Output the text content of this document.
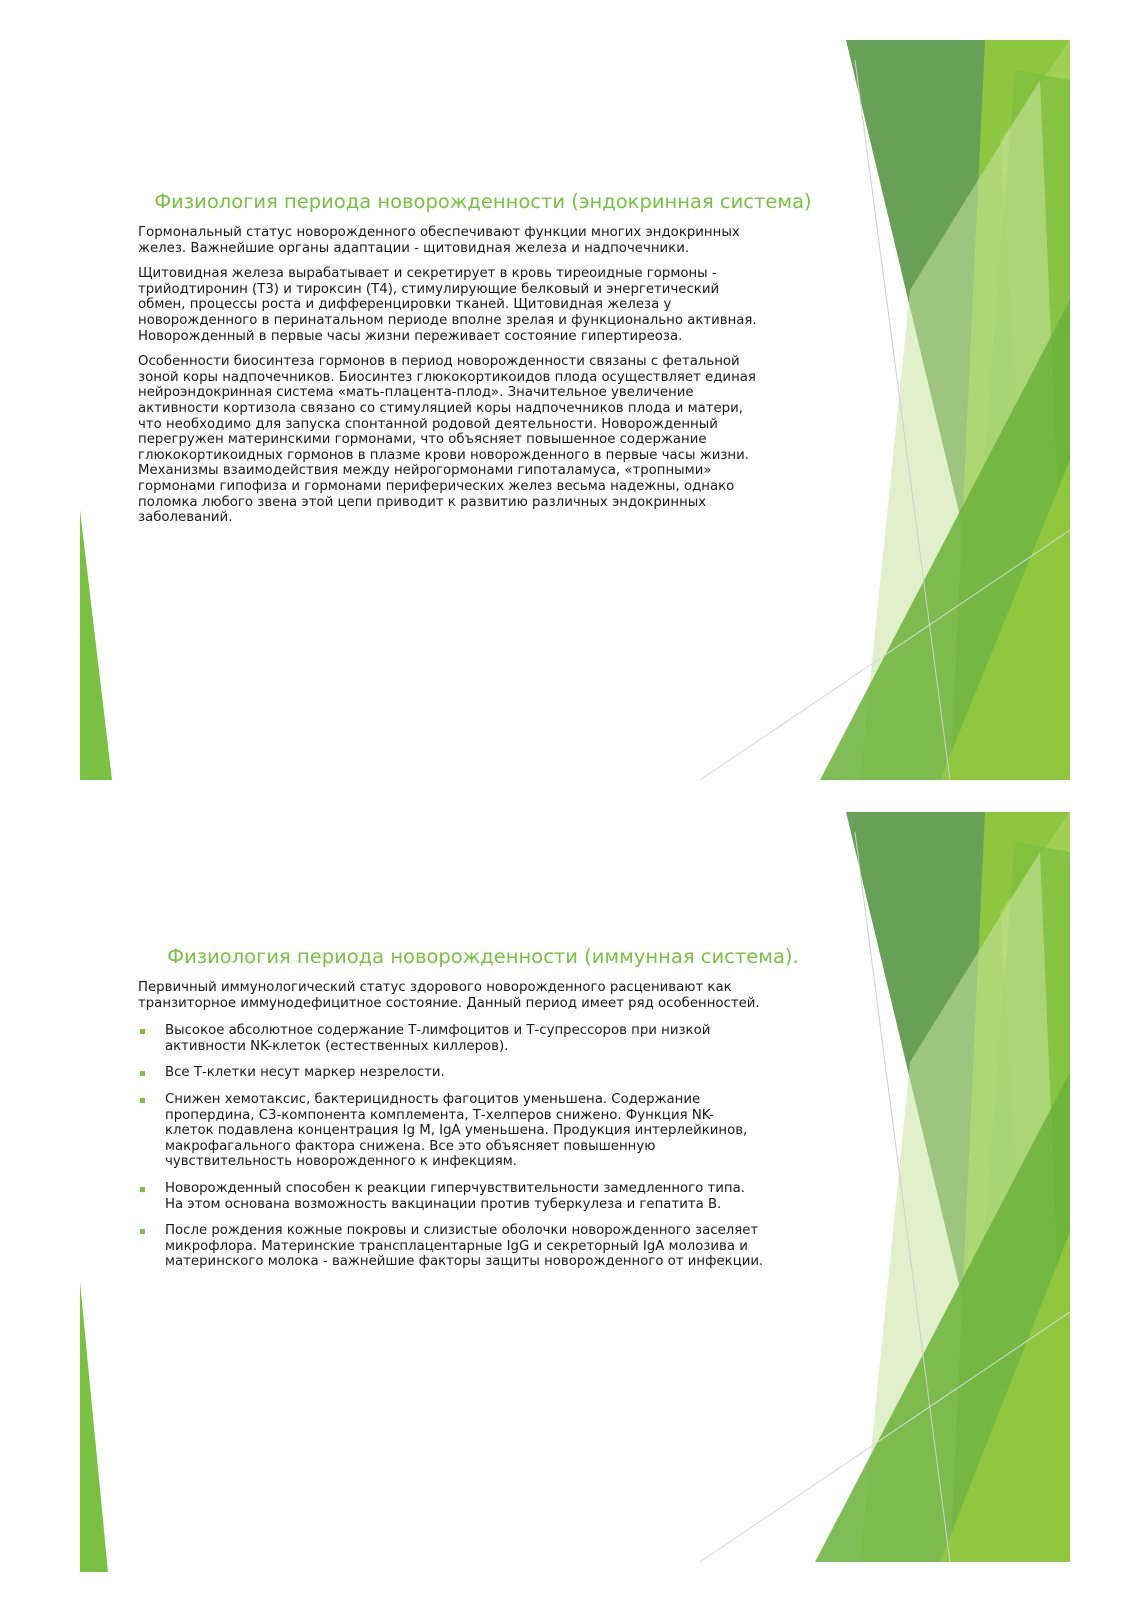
Физиология периода новорожденности (эндокринная система)

Гормональный статус новорожденного обеспечивают функции многих эндокринных
желез. Важнейшие органы адаптации - щитовидная железа и надпочечники.

Щитовидная железа вырабатывает и секретирует в кровь тиреоидные гормоны -
трийодтиронин (Т3) и тироксин (Т4), стимулирующие белковый и энергетический
обмен, процессы роста и дифференцировки тканей. Щитовидная железа у
новорожденного в перинатальном периоде вполне зрелая и функционально активная.
Новорожденный в первые часы жизни переживает состояние гипертиреоза.

Особенности биосинтеза гормонов в период новорожденности связаны с фетальной
зоной коры надпочечников. Биосинтез глюкокортикоидов плода осуществляет единая
нейроэндокринная система «мать-плацента-плод». Значительное увеличение
активности кортизола связано со стимуляцией коры надпочечников плода и матери,
что необходимо для запуска спонтанной родовой деятельности. Новорожденный
перегружен материнскими гормонами, что объясняет повышенное содержание
глюкокортикоидных гормонов в плазме крови новорожденного в первые часы жизни.
Механизмы взаимодействия между нейрогормонами гипоталамуса, «тропными»
гормонами гипофиза и гормонами периферических желез весьма надежны, однако
поломка любого звена этой цепи приводит к развитию различных эндокринных
заболеваний.

Физиология периода новорожденности (иммунная система).

Первичный иммунологический статус здорового новорожденного расценивают как
транзиторное иммунодефицитное состояние. Данный период имеет ряд особенностей.

Высокое абсолютное содержание Т-лимфоцитов и Т-супрессоров при низкой
активности NK-клеток (естественных киллеров).
Все Т-клетки несут маркер незрелости.
Снижен хемотаксис, бактерицидность фагоцитов уменьшена. Содержание
пропердина, С3-компонента комплемента, Т-хелперов снижено. Функция NK-
клеток подавлена концентрация Ig М, IgA уменьшена. Продукция интерлейкинов,
макрофагального фактора снижена. Все это объясняет повышенную
чувствительность новорожденного к инфекциям.
Новорожденный способен к реакции гиперчувствительности замедленного типа.
На этом основана возможность вакцинации против туберкулеза и гепатита В.
После рождения кожные покровы и слизистые оболочки новорожденного заселяет
микрофлора. Материнские трансплацентарные IgG и секреторный IgA молозива и
материнского молока - важнейшие факторы защиты новорожденного от инфекции.
